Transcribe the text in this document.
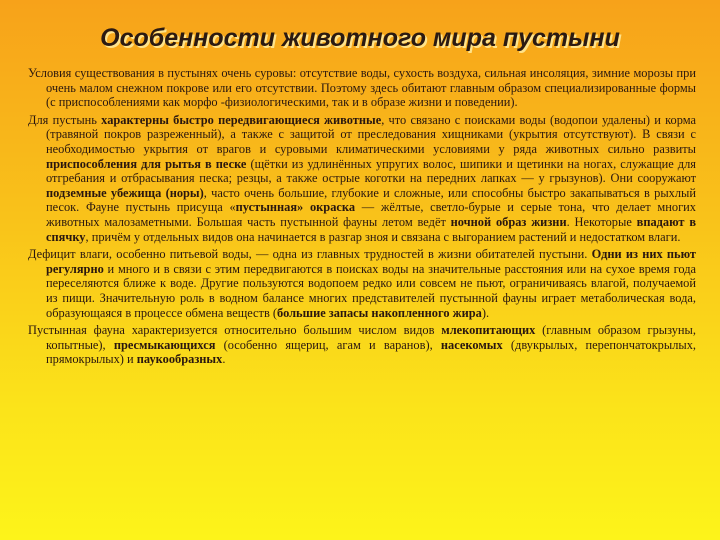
Особенности животного мира пустыни

Условия существования в пустынях очень суровы: отсутствие воды, сухость воздуха, сильная инсоляция, зимние морозы при очень малом снежном покрове или его отсутствии. Поэтому здесь обитают главным образом специализированные формы (с приспособлениями как морфо -физиологическими, так и в образе жизни и поведении).

Для пустынь характерны быстро передвигающиеся животные, что связано с поисками воды (водопои удалены) и корма (травяной покров разреженный), а также с защитой от преследования хищниками (укрытия отсутствуют). В связи с необходимостью укрытия от врагов и суровыми климатическими условиями у ряда животных сильно развиты приспособления для рытья в песке (щётки из удлинённых упругих волос, шипики и щетинки на ногах, служащие для отгребания и отбрасывания песка; резцы, а также острые коготки на передних лапках — у грызунов). Они сооружают подземные убежища (норы), часто очень большие, глубокие и сложные, или способны быстро закапываться в рыхлый песок. Фауне пустынь присуща «пустынная» окраска — жёлтые, светло-бурые и серые тона, что делает многих животных малозаметными. Большая часть пустынной фауны летом ведёт ночной образ жизни. Некоторые впадают в спячку, причём у отдельных видов она начинается в разгар зноя и связана с выгоранием растений и недостатком влаги.

Дефицит влаги, особенно питьевой воды, — одна из главных трудностей в жизни обитателей пустыни. Одни из них пьют регулярно и много и в связи с этим передвигаются в поисках воды на значительные расстояния или на сухое время года переселяются ближе к воде. Другие пользуются водопоем редко или совсем не пьют, ограничиваясь влагой, получаемой из пищи. Значительную роль в водном балансе многих представителей пустынной фауны играет метаболическая вода, образующаяся в процессе обмена веществ (большие запасы накопленного жира).

Пустынная фауна характеризуется относительно большим числом видов млекопитающих (главным образом грызуны, копытные), пресмыкающихся (особенно ящериц, агам и варанов), насекомых (двукрылых, перепончатокрылых, прямокрылых) и паукообразных.
